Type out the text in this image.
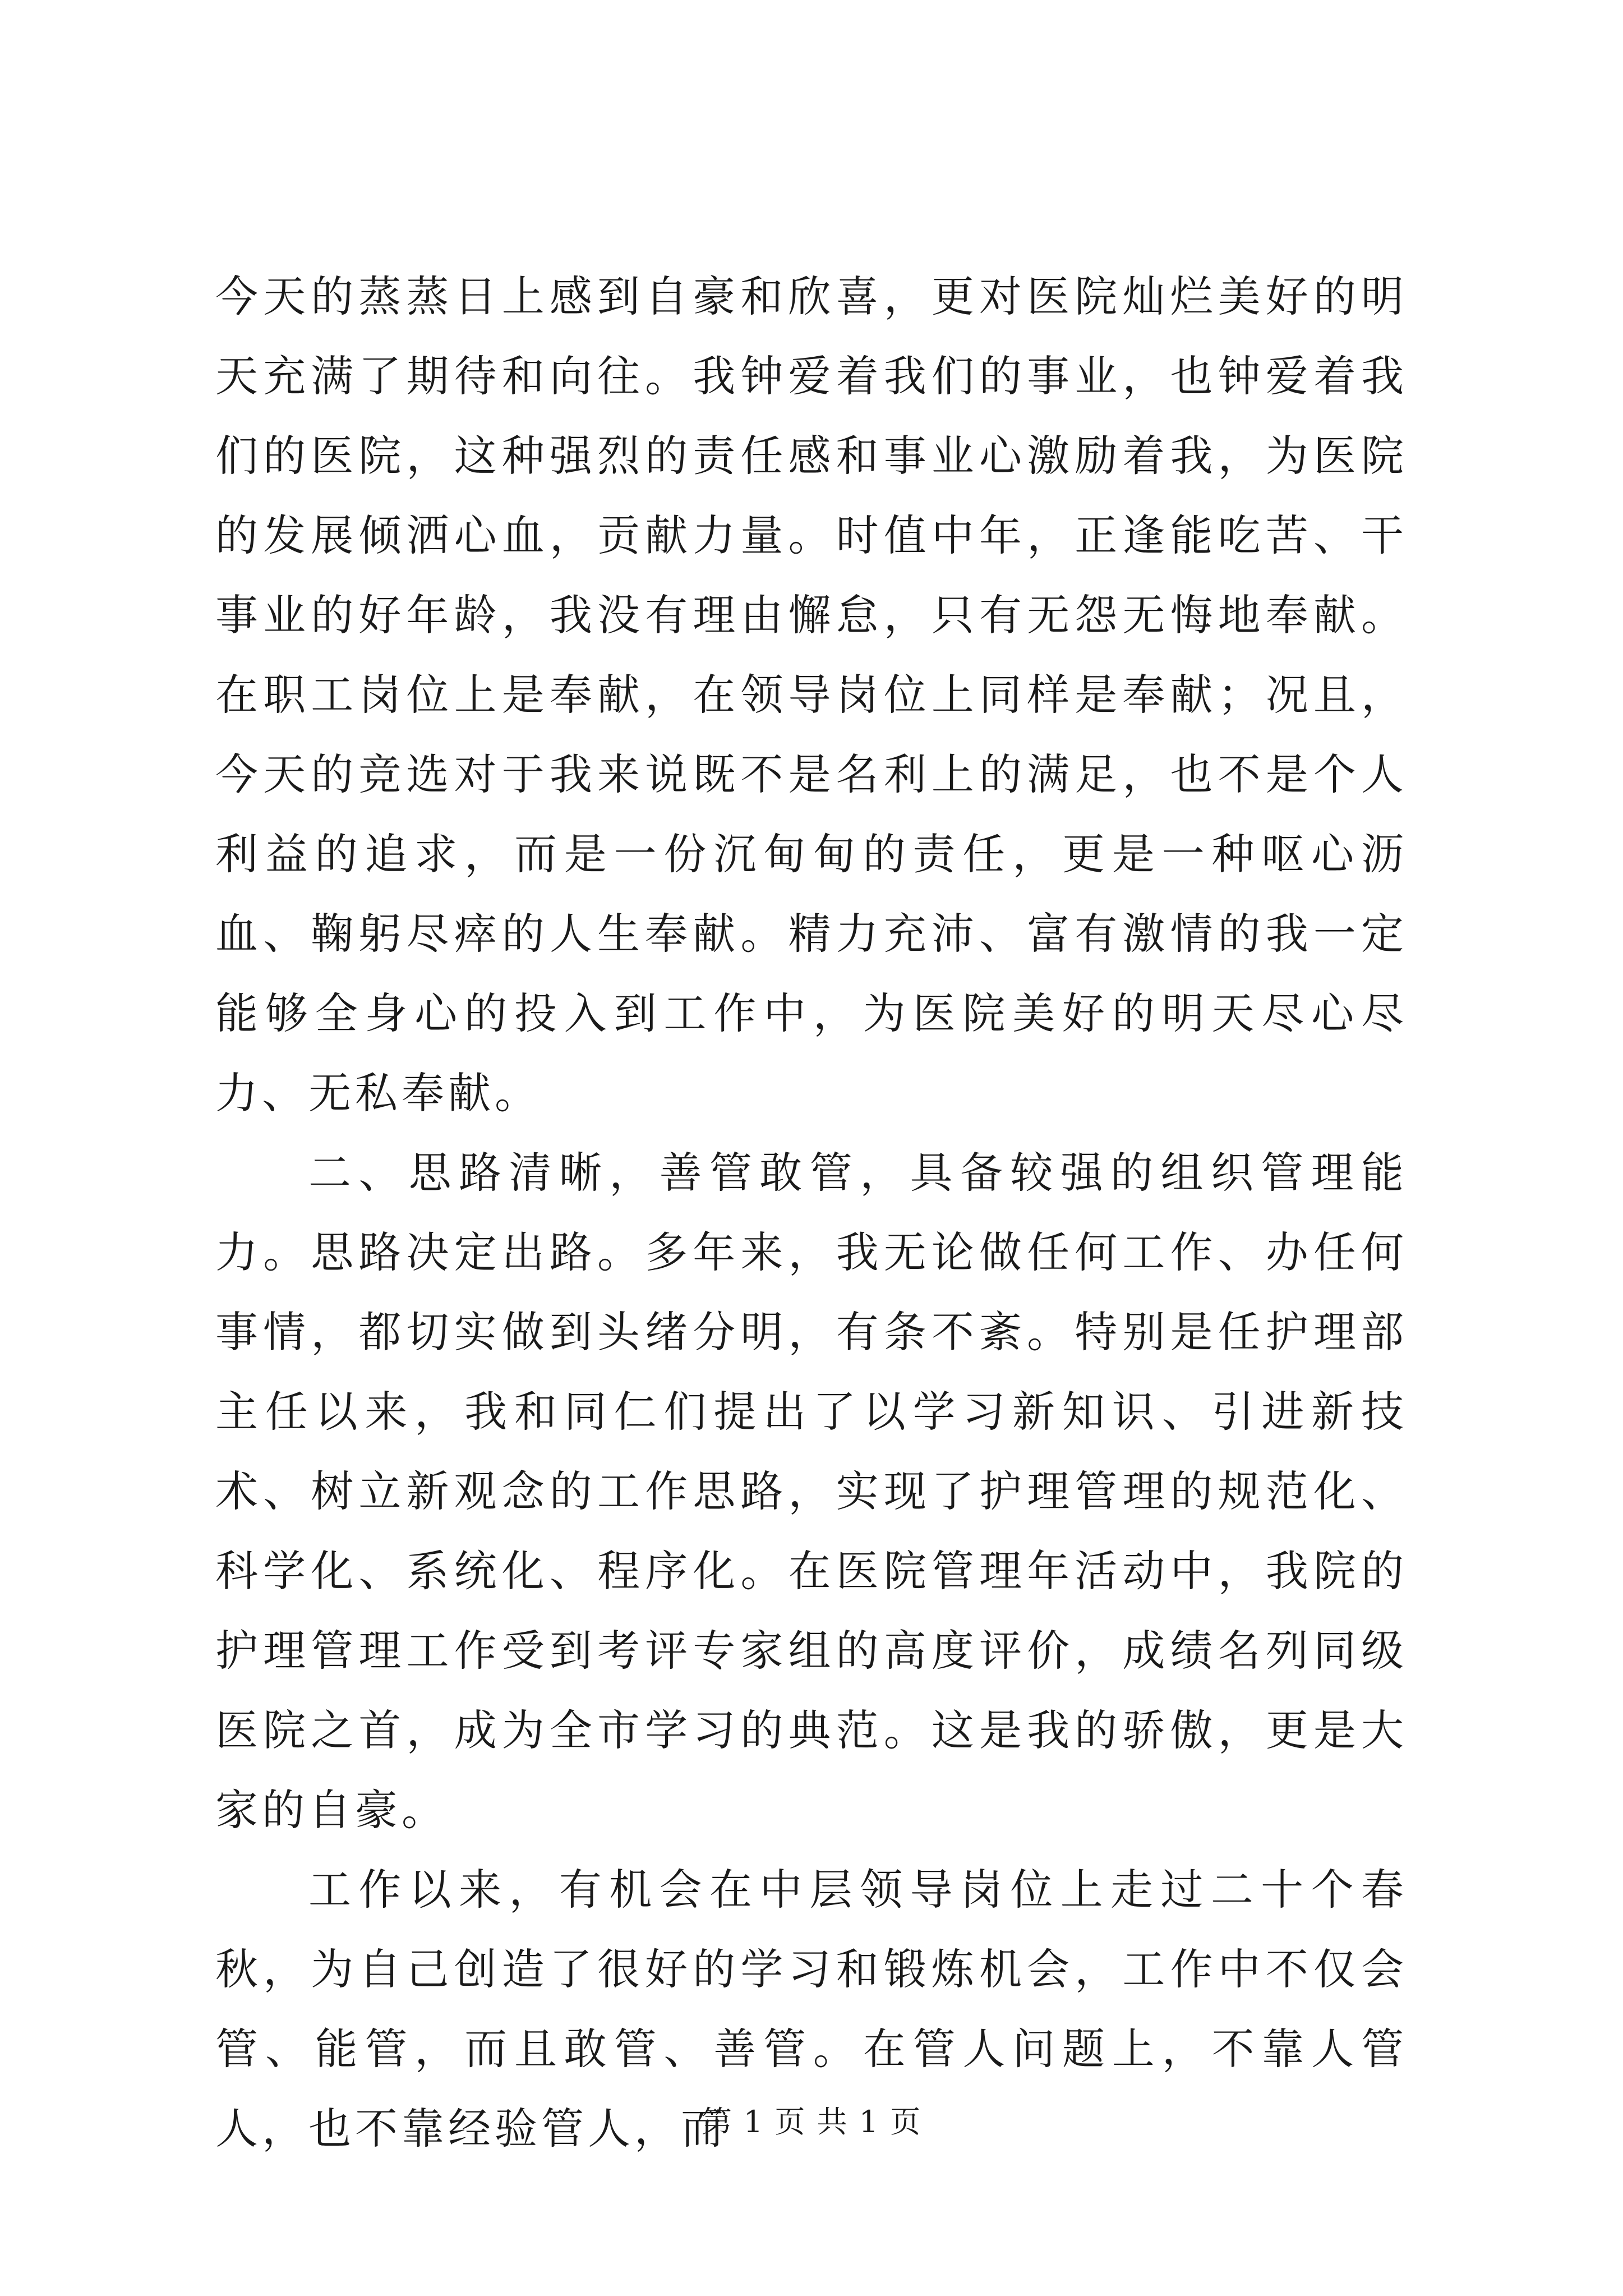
今天的蒸蒸日上感到自豪和欣喜，更对医院灿烂美好的明天充满了期待和向往。我钟爱着我们的事业，也钟爱着我们的医院，这种强烈的责任感和事业心激励着我，为医院的发展倾洒心血，贡献力量。时值中年，正逢能吃苦、干事业的好年龄，我没有理由懈怠，只有无怨无悔地奉献。在职工岗位上是奉献，在领导岗位上同样是奉献；况且，今天的竞选对于我来说既不是名利上的满足，也不是个人利益的追求，而是一份沉甸甸的责任，更是一种呕心沥血、鞠躬尽瘁的人生奉献。精力充沛、富有激情的我一定能够全身心的投入到工作中，为医院美好的明天尽心尽力、无私奉献。

二、思路清晰，善管敢管，具备较强的组织管理能力。思路决定出路。多年来，我无论做任何工作、办任何事情，都切实做到头绪分明，有条不紊。特别是任护理部主任以来，我和同仁们提出了以学习新知识、引进新技术、树立新观念的工作思路，实现了护理管理的规范化、科学化、系统化、程序化。在医院管理年活动中，我院的护理管理工作受到考评专家组的高度评价，成绩名列同级医院之首，成为全市学习的典范。这是我的骄傲，更是大家的自豪。

工作以来，有机会在中层领导岗位上走过二十个春秋，为自己创造了很好的学习和锻炼机会，工作中不仅会管、能管，而且敢管、善管。在管人问题上，不靠人管人，也不靠经验管人，而

第 1 页 共 1 页
